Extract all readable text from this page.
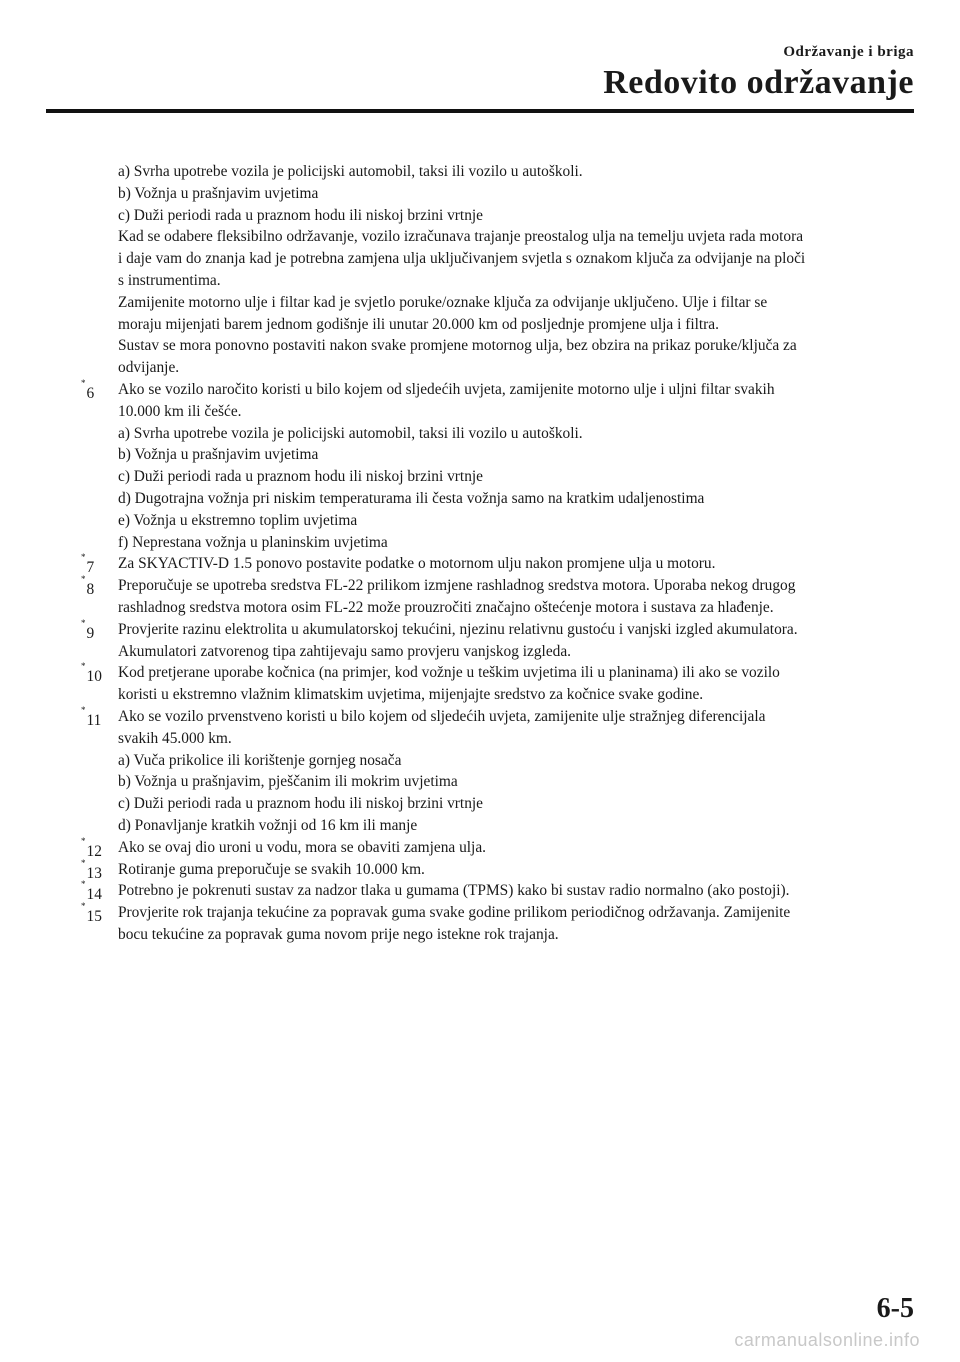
Održavanje i briga
Redovito održavanje
a) Svrha upotrebe vozila je policijski automobil, taksi ili vozilo u autoškoli.
b) Vožnja u prašnjavim uvjetima
c) Duži periodi rada u praznom hodu ili niskoj brzini vrtnje
Kad se odabere fleksibilno održavanje, vozilo izračunava trajanje preostalog ulja na temelju uvjeta rada motora
i daje vam do znanja kad je potrebna zamjena ulja uključivanjem svjetla s oznakom ključa za odvijanje na ploči
s instrumentima.
Zamijenite motorno ulje i filtar kad je svjetlo poruke/oznake ključa za odvijanje uključeno. Ulje i filtar se
moraju mijenjati barem jednom godišnje ili unutar 20.000 km od posljednje promjene ulja i filtra.
Sustav se mora ponovno postaviti nakon svake promjene motornog ulja, bez obzira na prikaz poruke/ključa za
odvijanje.
*6 Ako se vozilo naročito koristi u bilo kojem od sljedećih uvjeta, zamijenite motorno ulje i uljni filtar svakih
10.000 km ili češće.
a) Svrha upotrebe vozila je policijski automobil, taksi ili vozilo u autoškoli.
b) Vožnja u prašnjavim uvjetima
c) Duži periodi rada u praznom hodu ili niskoj brzini vrtnje
d) Dugotrajna vožnja pri niskim temperaturama ili česta vožnja samo na kratkim udaljenostima
e) Vožnja u ekstremno toplim uvjetima
f) Neprestana vožnja u planinskim uvjetima
*7 Za SKYACTIV-D 1.5 ponovo postavite podatke o motornom ulju nakon promjene ulja u motoru.
*8 Preporučuje se upotreba sredstva FL-22 prilikom izmjene rashladnog sredstva motora. Uporaba nekog drugog
rashladnog sredstva motora osim FL-22 može prouzročiti značajno oštećenje motora i sustava za hlađenje.
*9 Provjerite razinu elektrolita u akumulatorskoj tekućini, njezinu relativnu gustoću i vanjski izgled akumulatora.
Akumulatori zatvorenog tipa zahtijevaju samo provjeru vanjskog izgleda.
*10 Kod pretjerane uporabe kočnica (na primjer, kod vožnje u teškim uvjetima ili u planinama) ili ako se vozilo
koristi u ekstremno vlažnim klimatskim uvjetima, mijenjajte sredstvo za kočnice svake godine.
*11 Ako se vozilo prvenstveno koristi u bilo kojem od sljedećih uvjeta, zamijenite ulje stražnjeg diferencijala
svakih 45.000 km.
a) Vuča prikolice ili korištenje gornjeg nosača
b) Vožnja u prašnjavim, pješčanim ili mokrim uvjetima
c) Duži periodi rada u praznom hodu ili niskoj brzini vrtnje
d) Ponavljanje kratkih vožnji od 16 km ili manje
*12 Ako se ovaj dio uroni u vodu, mora se obaviti zamjena ulja.
*13 Rotiranje guma preporučuje se svakih 10.000 km.
*14 Potrebno je pokrenuti sustav za nadzor tlaka u gumama (TPMS) kako bi sustav radio normalno (ako postoji).
*15 Provjerite rok trajanja tekućine za popravak guma svake godine prilikom periodičnog održavanja. Zamijenite
bocu tekućine za popravak guma novom prije nego istekne rok trajanja.
6-5
carmanualsonline.info
